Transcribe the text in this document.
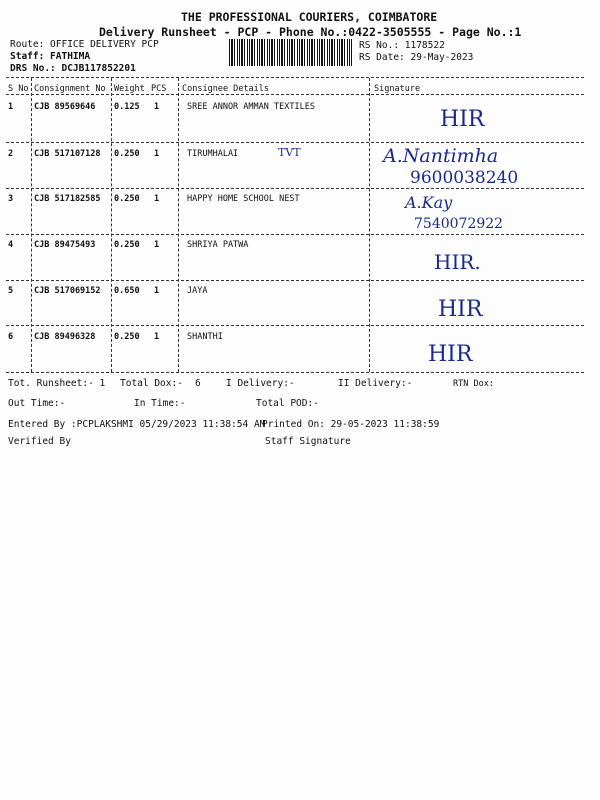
THE PROFESSIONAL COURIERS, COIMBATORE
Delivery Runsheet - PCP - Phone No.:0422-3505555 - Page No.:1
Route: OFFICE DELIVERY PCP
Staff: FATHIMA
DRS No.: DCJB117852201
RS No.: 1178522
RS Date: 29-May-2023
S No Consignment No Weight PCS Consignee Details	Signature
1 CJB 89569646 0.125 1	SREE ANNOR AMMAN TEXTILES	HIR
2 CJB 517107128 0.250 1	TIRUMHALAI	TVT	A.Nantimha
9600038240
3 CJB 517182585 0.250 1	HAPPY HOME SCHOOL NEST	A.Kay
7540072922
4 CJB 89475493 0.250 1	SHRIYA PATWA
HIR.
5 CJB 517069152 0.650 1	JAYA
HIR
6 CJB 89496328 0.250 1	SHANTHI
HIR
Tot. Runsheet:- 1 Total Dox:- 6	I Delivery:-	II Delivery:-	RTN Dox:
Out Time:-	In Time:-	Total POD:-
Entered By :PCPLAKSHMI 05/29/2023 11:38:54 AM
Printed On: 29-05-2023 11:38:59
Verified By	Staff Signature
